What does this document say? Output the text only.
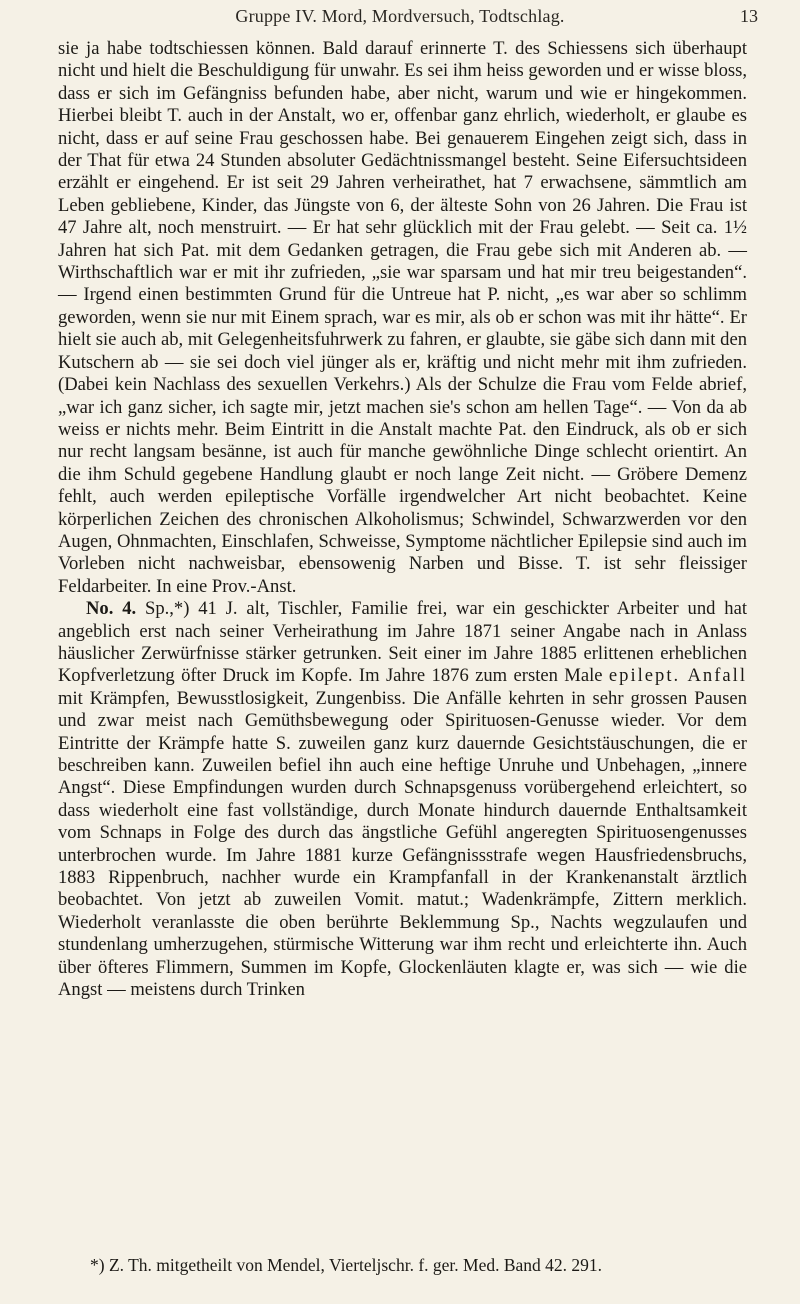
Gruppe IV. Mord, Mordversuch, Todtschlag.	13

sie ja habe todtschiessen können. Bald darauf erinnerte T. des Schiessens sich überhaupt nicht und hielt die Beschuldigung für unwahr. Es sei ihm heiss geworden und er wisse bloss, dass er sich im Gefängniss befunden habe, aber nicht, warum und wie er hingekommen. Hierbei bleibt T. auch in der Anstalt, wo er, offenbar ganz ehrlich, wiederholt, er glaube es nicht, dass er auf seine Frau geschossen habe. Bei genauerem Eingehen zeigt sich, dass in der That für etwa 24 Stunden absoluter Gedächtnissmangel besteht. Seine Eifersuchtsideen erzählt er eingehend. Er ist seit 29 Jahren verheirathet, hat 7 erwachsene, sämmtlich am Leben gebliebene, Kinder, das Jüngste von 6, der älteste Sohn von 26 Jahren. Die Frau ist 47 Jahre alt, noch menstruirt. — Er hat sehr glücklich mit der Frau gelebt. — Seit ca. 1½ Jahren hat sich Pat. mit dem Gedanken getragen, die Frau gebe sich mit Anderen ab. — Wirthschaftlich war er mit ihr zufrieden, „sie war sparsam und hat mir treu beigestanden“. — Irgend einen bestimmten Grund für die Untreue hat P. nicht, „es war aber so schlimm geworden, wenn sie nur mit Einem sprach, war es mir, als ob er schon was mit ihr hätte“. Er hielt sie auch ab, mit Gelegenheitsfuhrwerk zu fahren, er glaubte, sie gäbe sich dann mit den Kutschern ab — sie sei doch viel jünger als er, kräftig und nicht mehr mit ihm zufrieden. (Dabei kein Nachlass des sexuellen Verkehrs.) Als der Schulze die Frau vom Felde abrief, „war ich ganz sicher, ich sagte mir, jetzt machen sie's schon am hellen Tage“. — Von da ab weiss er nichts mehr. Beim Eintritt in die Anstalt machte Pat. den Eindruck, als ob er sich nur recht langsam besänne, ist auch für manche gewöhnliche Dinge schlecht orientirt. An die ihm Schuld gegebene Handlung glaubt er noch lange Zeit nicht. — Gröbere Demenz fehlt, auch werden epileptische Vorfälle irgendwelcher Art nicht beobachtet. Keine körperlichen Zeichen des chronischen Alkoholismus; Schwindel, Schwarzwerden vor den Augen, Ohnmachten, Einschlafen, Schweisse, Symptome nächtlicher Epilepsie sind auch im Vorleben nicht nachweisbar, ebensowenig Narben und Bisse. T. ist sehr fleissiger Feldarbeiter. In eine Prov.-Anst.

No. 4. Sp.,*) 41 J. alt, Tischler, Familie frei, war ein geschickter Arbeiter und hat angeblich erst nach seiner Verheirathung im Jahre 1871 seiner Angabe nach in Anlass häuslicher Zerwürfnisse stärker getrunken. Seit einer im Jahre 1885 erlittenen erheblichen Kopfverletzung öfter Druck im Kopfe. Im Jahre 1876 zum ersten Male epilept. Anfall mit Krämpfen, Bewusstlosigkeit, Zungenbiss. Die Anfälle kehrten in sehr grossen Pausen und zwar meist nach Gemüthsbewegung oder Spirituosen-Genusse wieder. Vor dem Eintritte der Krämpfe hatte S. zuweilen ganz kurz dauernde Gesichtstäuschungen, die er beschreiben kann. Zuweilen befiel ihn auch eine heftige Unruhe und Unbehagen, „innere Angst“. Diese Empfindungen wurden durch Schnapsgenuss vorübergehend erleichtert, so dass wiederholt eine fast vollständige, durch Monate hindurch dauernde Enthaltsamkeit vom Schnaps in Folge des durch das ängstliche Gefühl angeregten Spirituosengenusses unterbrochen wurde. Im Jahre 1881 kurze Gefängnissstrafe wegen Hausfriedensbruchs, 1883 Rippenbruch, nachher wurde ein Krampfanfall in der Krankenanstalt ärztlich beobachtet. Von jetzt ab zuweilen Vomit. matut.; Wadenkrämpfe, Zittern merklich. Wiederholt veranlasste die oben berührte Beklemmung Sp., Nachts wegzulaufen und stundenlang umherzugehen, stürmische Witterung war ihm recht und erleichterte ihn. Auch über öfteres Flimmern, Summen im Kopfe, Glockenläuten klagte er, was sich — wie die Angst — meistens durch Trinken

*) Z. Th. mitgetheilt von Mendel, Vierteljschr. f. ger. Med. Band 42. 291.
